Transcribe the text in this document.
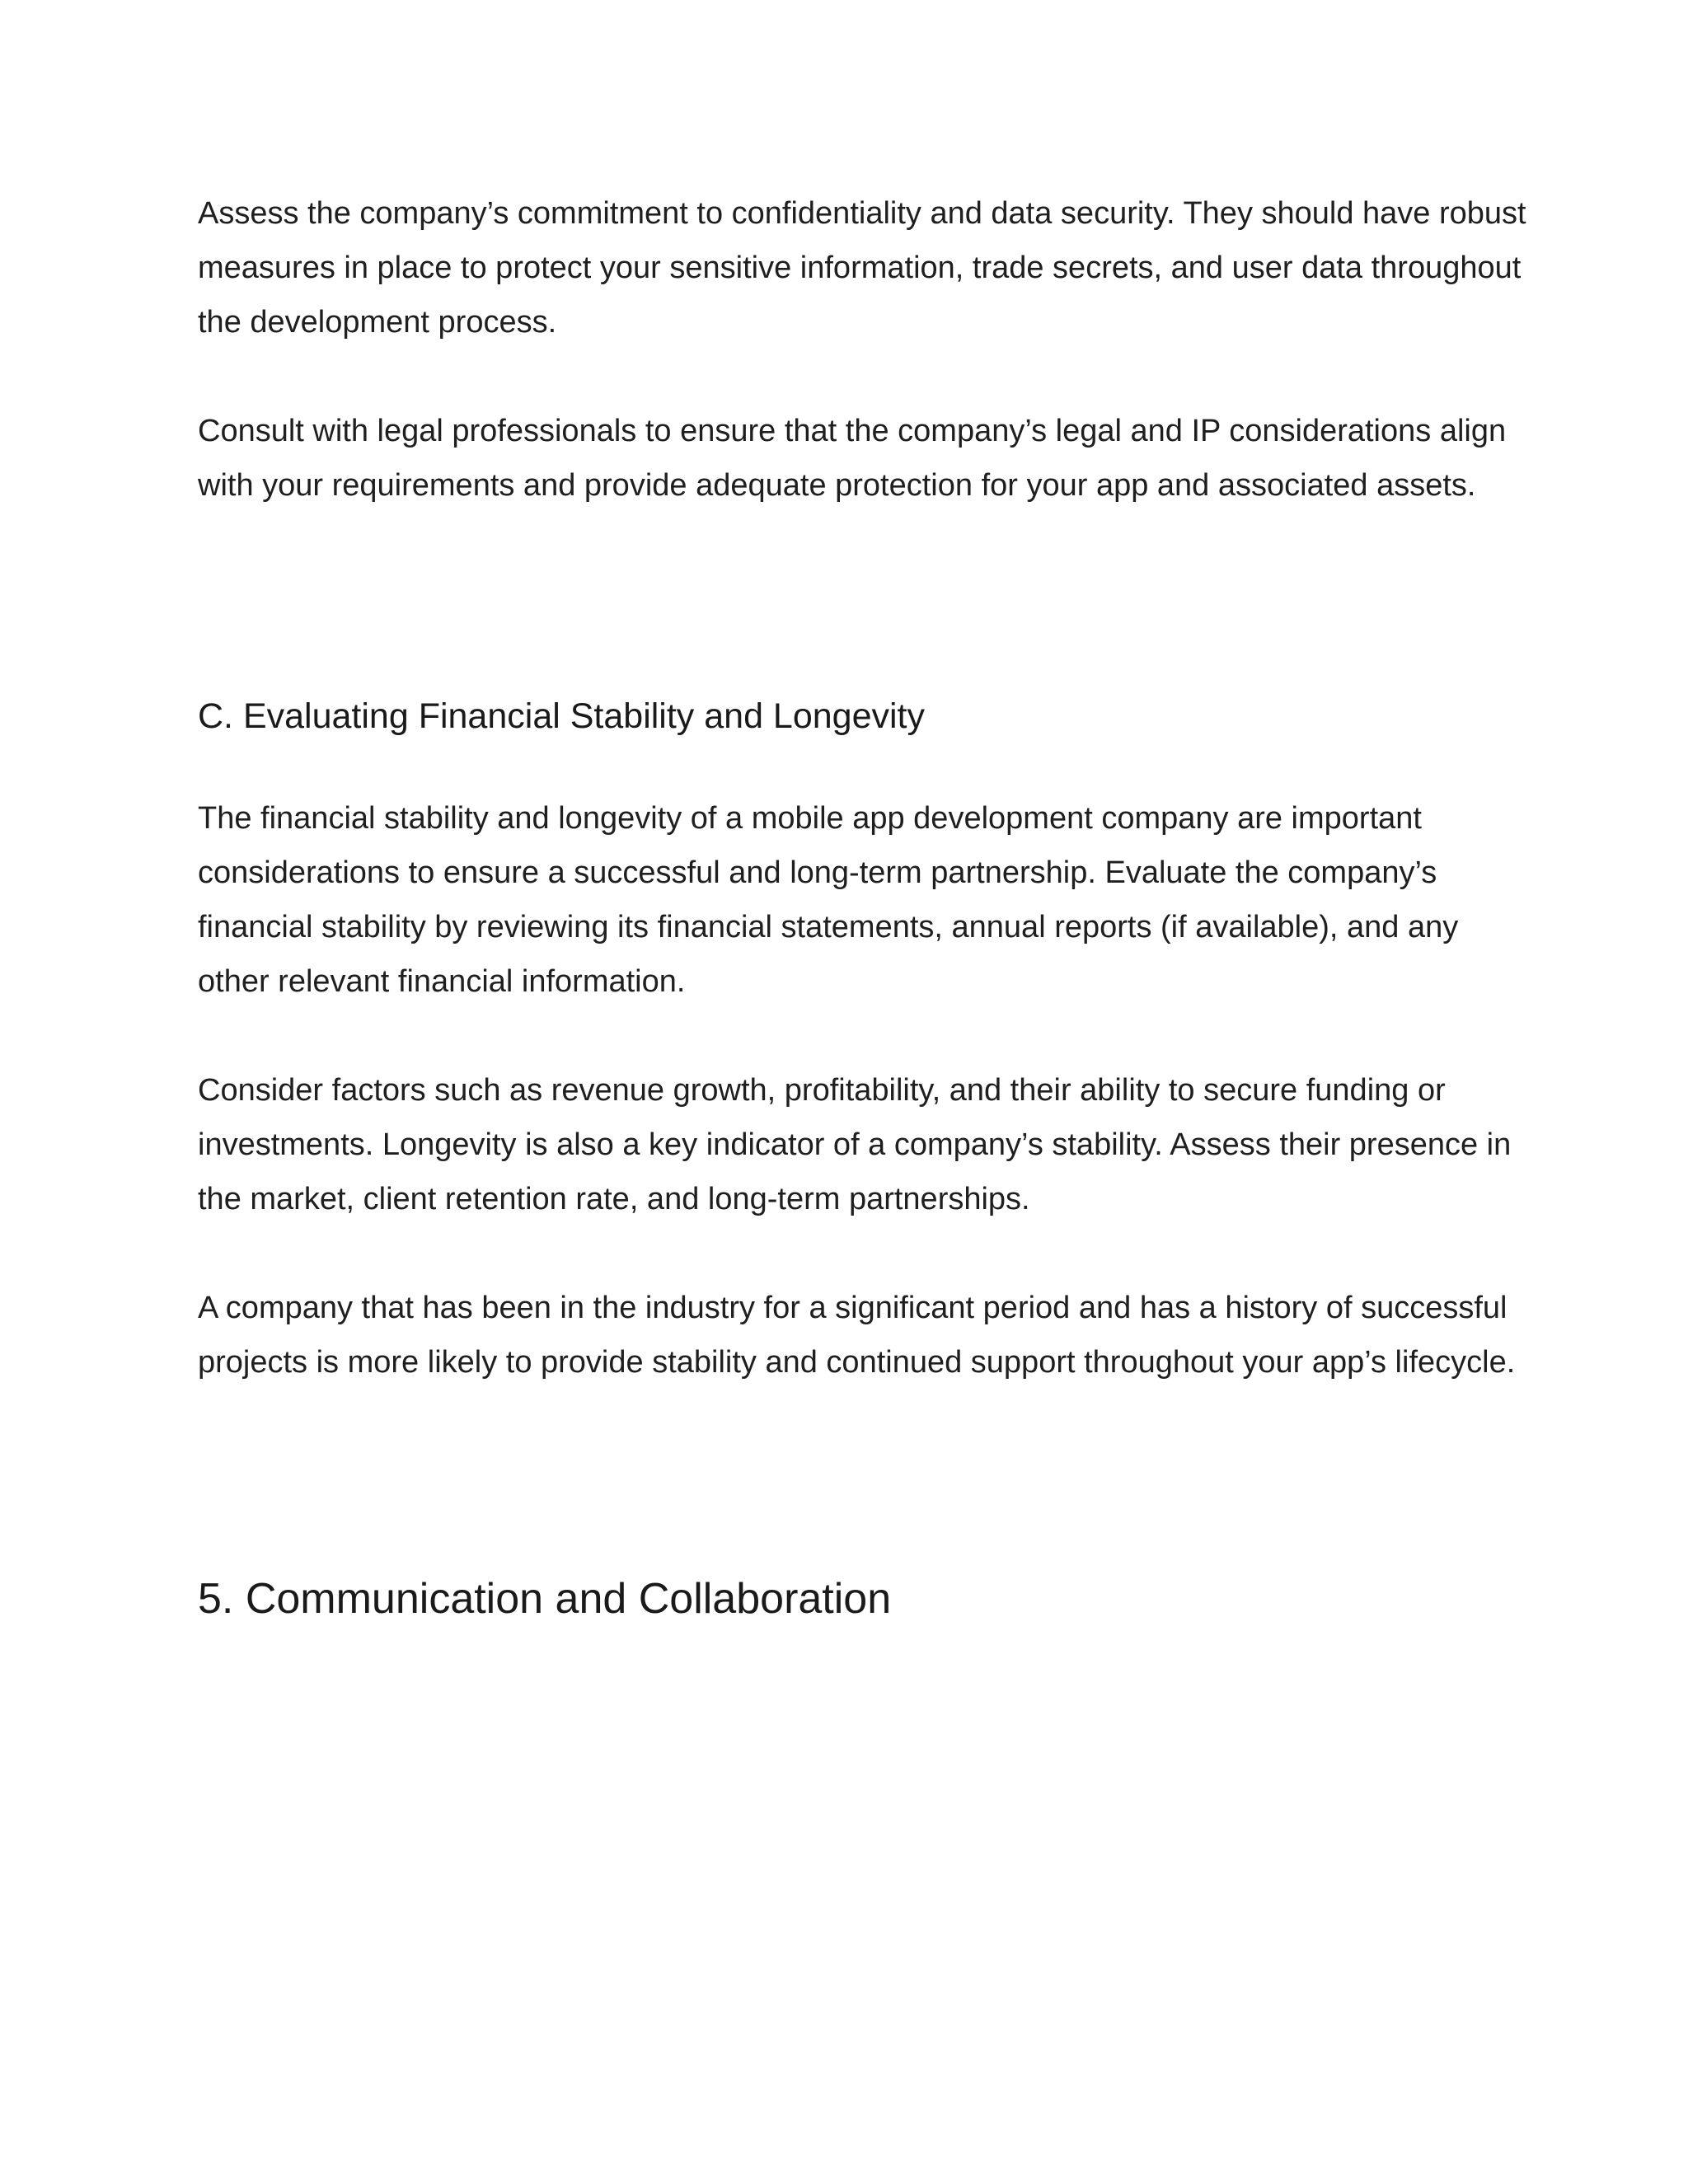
Assess the company’s commitment to confidentiality and data security. They should have robust measures in place to protect your sensitive information, trade secrets, and user data throughout the development process.

Consult with legal professionals to ensure that the company’s legal and IP considerations align with your requirements and provide adequate protection for your app and associated assets.

C. Evaluating Financial Stability and Longevity

The financial stability and longevity of a mobile app development company are important considerations to ensure a successful and long-term partnership. Evaluate the company’s financial stability by reviewing its financial statements, annual reports (if available), and any other relevant financial information.

Consider factors such as revenue growth, profitability, and their ability to secure funding or investments. Longevity is also a key indicator of a company’s stability. Assess their presence in the market, client retention rate, and long-term partnerships.

A company that has been in the industry for a significant period and has a history of successful projects is more likely to provide stability and continued support throughout your app’s lifecycle.

5. Communication and Collaboration
